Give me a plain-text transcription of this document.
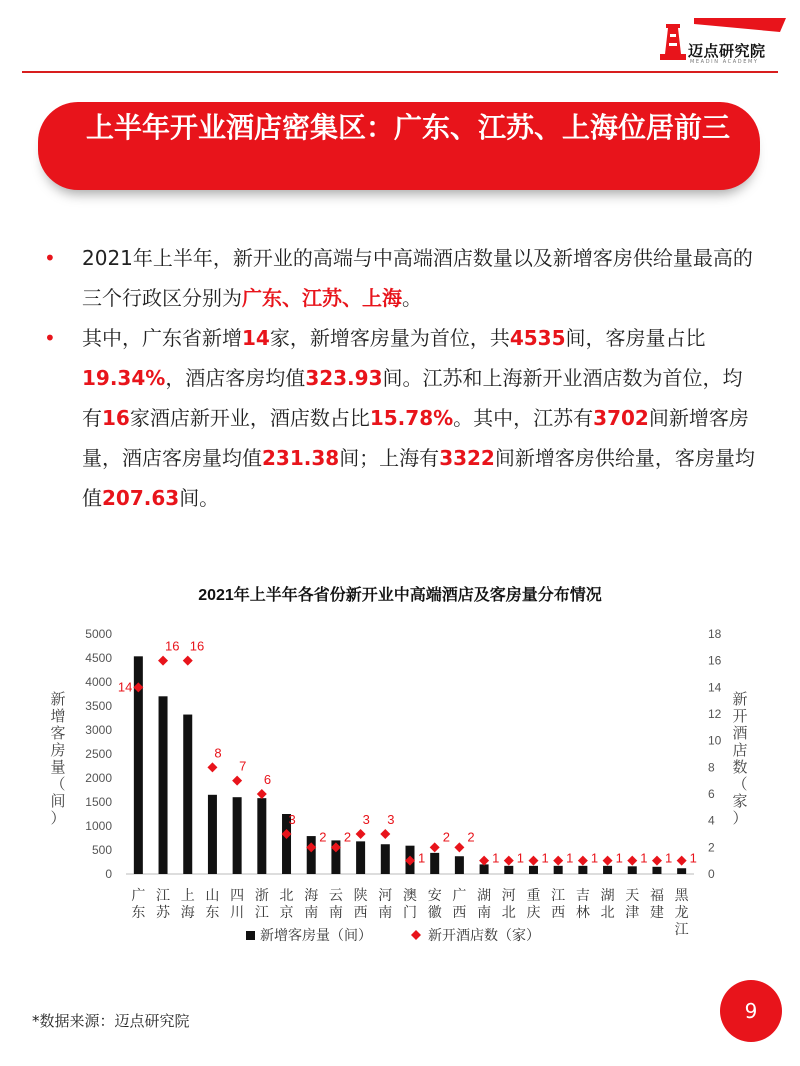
迈点研究院
MEADIN ACADEMY
上半年开业酒店密集区：广东、江苏、上海位居前三
• 2021年上半年，新开业的高端与中高端酒店数量以及新增客房供给量最高的三个行政区分别为广东、江苏、上海。
• 其中，广东省新增14家，新增客房量为首位，共4535间，客房量占比19.34%，酒店客房均值323.93间。江苏和上海新开业酒店数为首位，均有16家酒店新开业，酒店数占比15.78%。其中，江苏有3702间新增客房量，酒店客房量均值231.38间；上海有3322间新增客房供给量，客房量均值207.63间。
2021年上半年各省份新开业中高端酒店及客房量分布情况
0
500
1000
1500
2000
2500
3000
3500
4000
4500
5000
0
2
4
6
8
10
12
14
16
18
新增客房量（间）
新开酒店数（家）
14
16 16
8
7
6
3
2 2
3 3
1
2 2
1 1 1 1 1 1 1 1 1
广东
江苏
上海
山东
四川
浙江
北京
海南
云南
陕西
河南
澳门
安徽
广西
湖南
河北
重庆
江西
吉林
湖北
天津
福建
黑龙江
新增客房量（间）	新开酒店数（家）
*数据来源：迈点研究院	9
